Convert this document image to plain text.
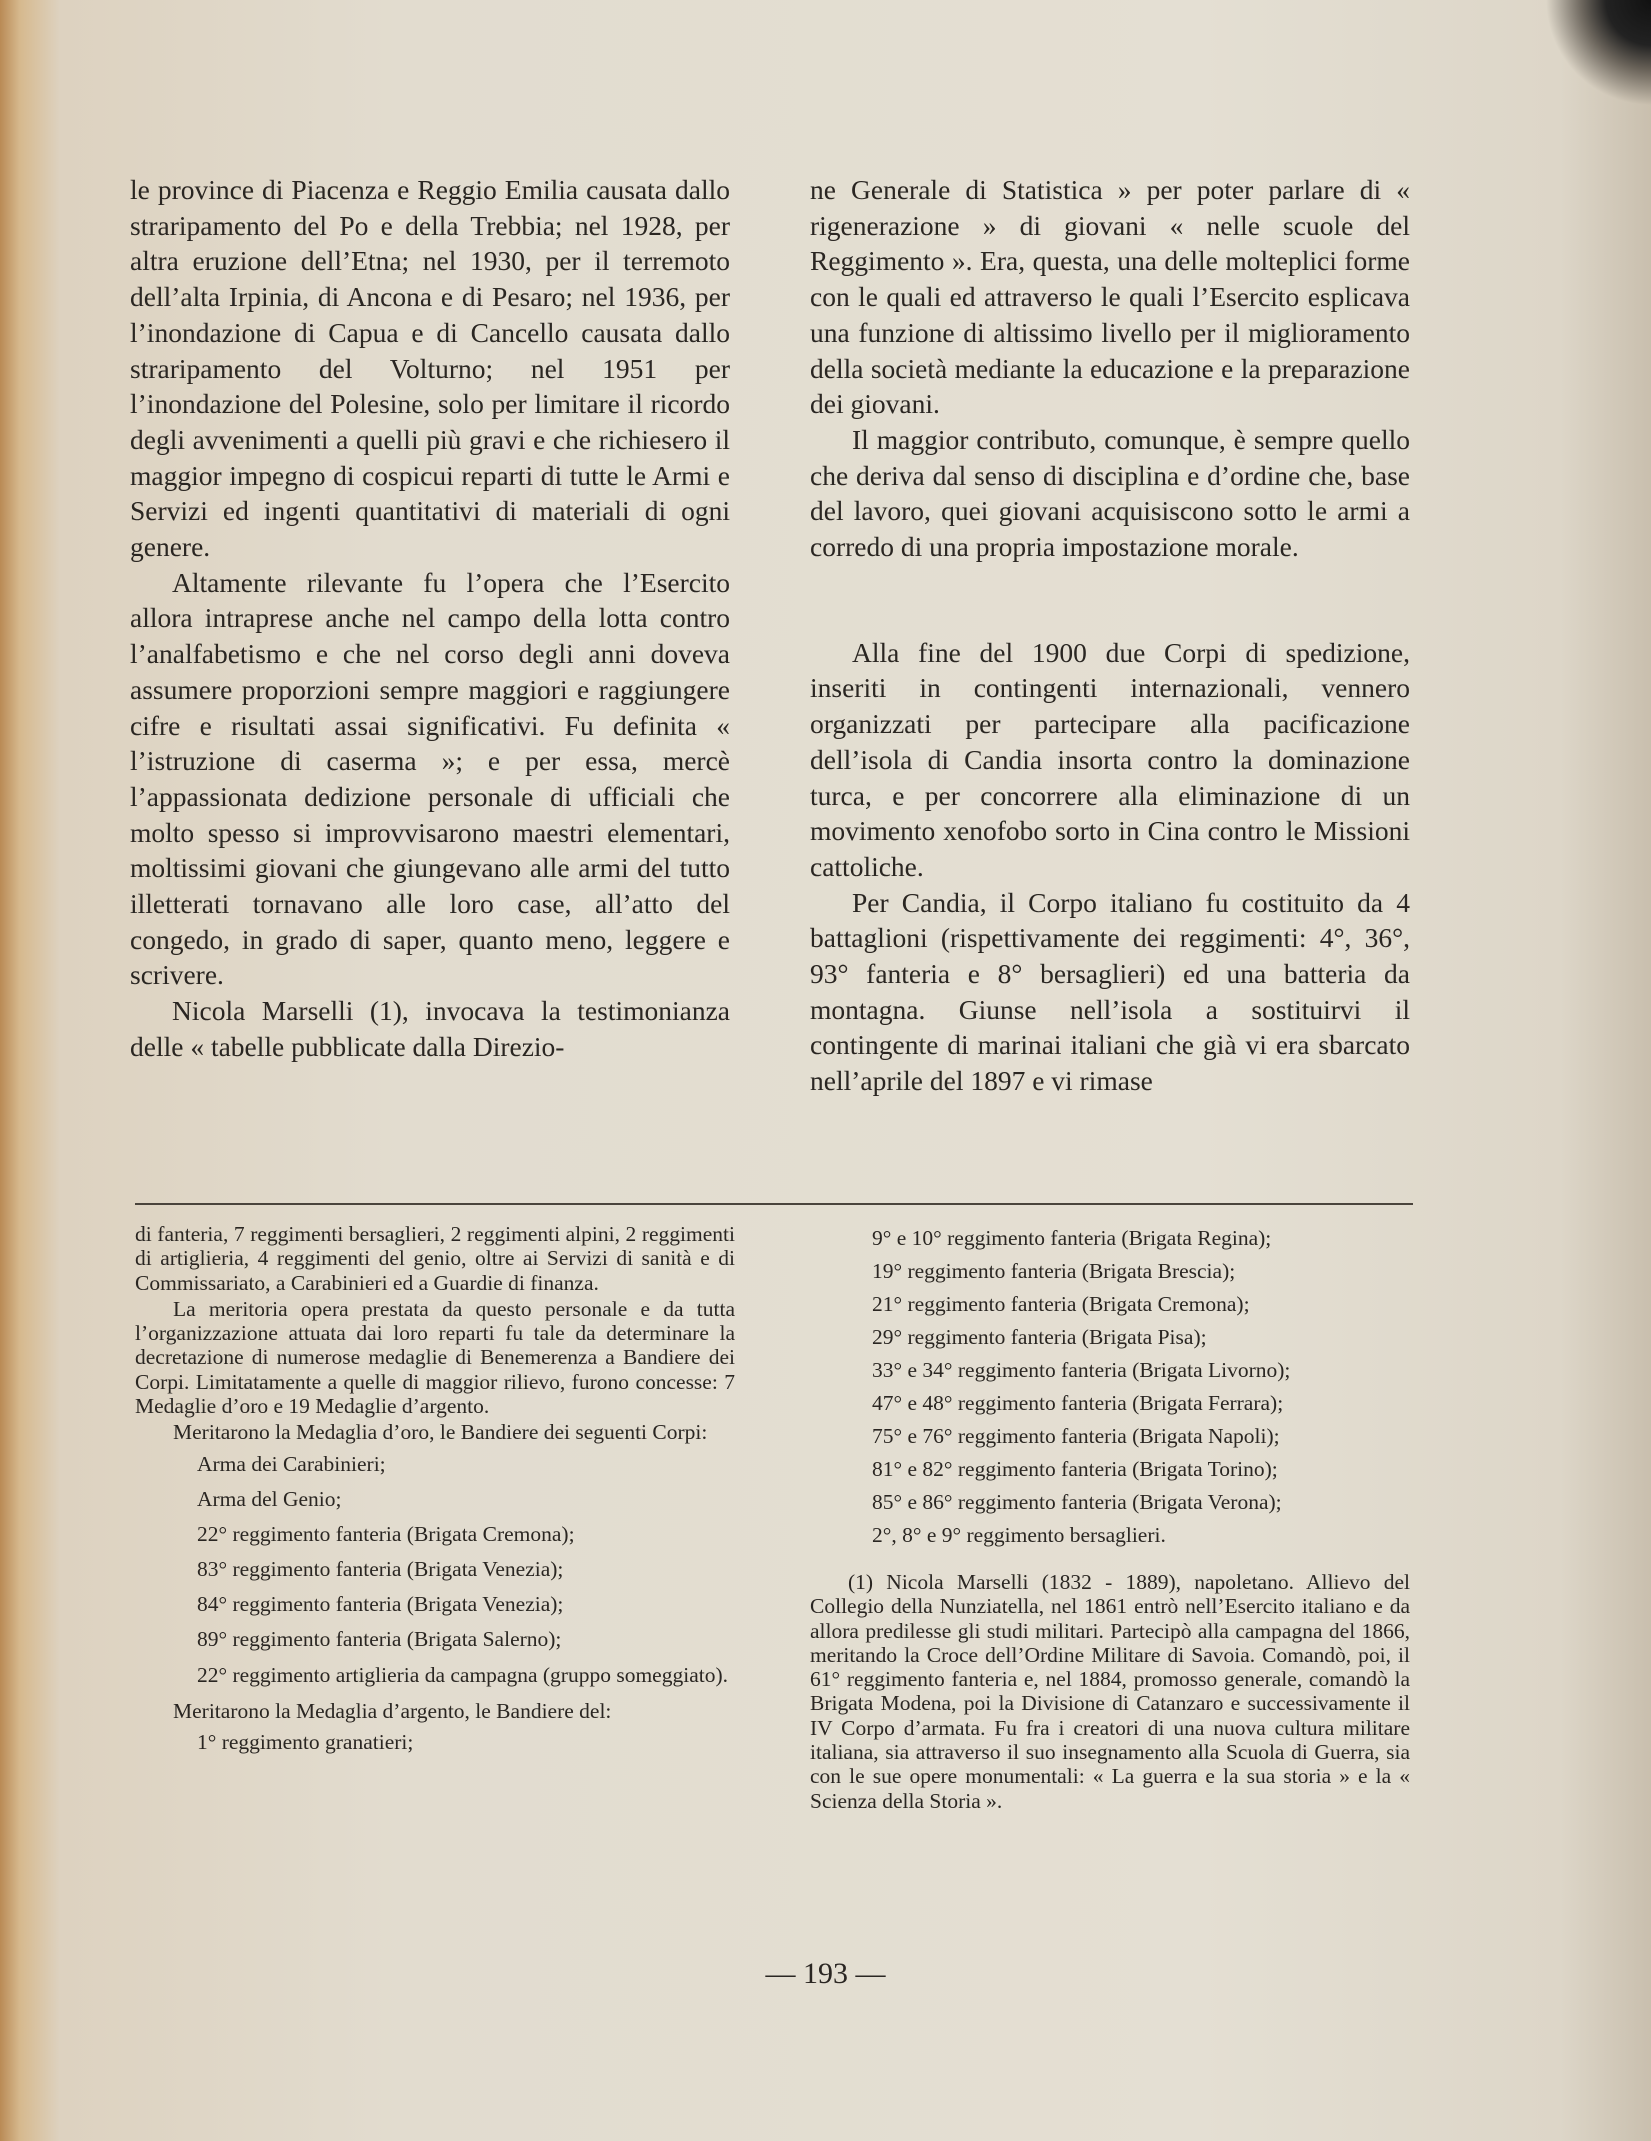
le province di Piacenza e Reggio Emilia causata dallo straripamento del Po e della Trebbia; nel 1928, per altra eruzione dell’Etna; nel 1930, per il terremoto dell’alta Irpinia, di Ancona e di Pesaro; nel 1936, per l’inondazione di Capua e di Cancello causata dallo straripamento del Volturno; nel 1951 per l’inondazione del Polesine, solo per limitare il ricordo degli avvenimenti a quelli più gravi e che richiesero il maggior impegno di cospicui reparti di tutte le Armi e Servizi ed ingenti quantitativi di materiali di ogni genere.

Altamente rilevante fu l’opera che l’Esercito allora intraprese anche nel campo della lotta contro l’analfabetismo e che nel corso degli anni doveva assumere proporzioni sempre maggiori e raggiungere cifre e risultati assai significativi. Fu definita « l’istruzione di caserma »; e per essa, mercè l’appassionata dedizione personale di ufficiali che molto spesso si improvvisarono maestri elementari, moltissimi giovani che giungevano alle armi del tutto illetterati tornavano alle loro case, all’atto del congedo, in grado di saper, quanto meno, leggere e scrivere.

Nicola Marselli (1), invocava la testimonianza delle « tabelle pubblicate dalla Direzio-

ne Generale di Statistica » per poter parlare di « rigenerazione » di giovani « nelle scuole del Reggimento ». Era, questa, una delle molteplici forme con le quali ed attraverso le quali l’Esercito esplicava una funzione di altissimo livello per il miglioramento della società mediante la educazione e la preparazione dei giovani.

Il maggior contributo, comunque, è sempre quello che deriva dal senso di disciplina e d’ordine che, base del lavoro, quei giovani acquisiscono sotto le armi a corredo di una propria impostazione morale.

Alla fine del 1900 due Corpi di spedizione, inseriti in contingenti internazionali, vennero organizzati per partecipare alla pacificazione dell’isola di Candia insorta contro la dominazione turca, e per concorrere alla eliminazione di un movimento xenofobo sorto in Cina contro le Missioni cattoliche.

Per Candia, il Corpo italiano fu costituito da 4 battaglioni (rispettivamente dei reggimenti: 4°, 36°, 93° fanteria e 8° bersaglieri) ed una batteria da montagna. Giunse nell’isola a sostituirvi il contingente di marinai italiani che già vi era sbarcato nell’aprile del 1897 e vi rimase

di fanteria, 7 reggimenti bersaglieri, 2 reggimenti alpini, 2 reggimenti di artiglieria, 4 reggimenti del genio, oltre ai Servizi di sanità e di Commissariato, a Carabinieri ed a Guardie di finanza.

La meritoria opera prestata da questo personale e da tutta l’organizzazione attuata dai loro reparti fu tale da determinare la decretazione di numerose medaglie di Benemerenza a Bandiere dei Corpi. Limitatamente a quelle di maggior rilievo, furono concesse: 7 Medaglie d’oro e 19 Medaglie d’argento.

Meritarono la Medaglia d’oro, le Bandiere dei seguenti Corpi:

Arma dei Carabinieri;
Arma del Genio;
22° reggimento fanteria (Brigata Cremona);
83° reggimento fanteria (Brigata Venezia);
84° reggimento fanteria (Brigata Venezia);
89° reggimento fanteria (Brigata Salerno);
22° reggimento artiglieria da campagna (gruppo someggiato).

Meritarono la Medaglia d’argento, le Bandiere del:

1° reggimento granatieri;
9° e 10° reggimento fanteria (Brigata Regina);
19° reggimento fanteria (Brigata Brescia);
21° reggimento fanteria (Brigata Cremona);
29° reggimento fanteria (Brigata Pisa);
33° e 34° reggimento fanteria (Brigata Livorno);
47° e 48° reggimento fanteria (Brigata Ferrara);
75° e 76° reggimento fanteria (Brigata Napoli);
81° e 82° reggimento fanteria (Brigata Torino);
85° e 86° reggimento fanteria (Brigata Verona);
2°, 8° e 9° reggimento bersaglieri.

(1) Nicola Marselli (1832 - 1889), napoletano. Allievo del Collegio della Nunziatella, nel 1861 entrò nell’Esercito italiano e da allora predilesse gli studi militari. Partecipò alla campagna del 1866, meritando la Croce dell’Ordine Militare di Savoia. Comandò, poi, il 61° reggimento fanteria e, nel 1884, promosso generale, comandò la Brigata Modena, poi la Divisione di Catanzaro e successivamente il IV Corpo d’armata. Fu fra i creatori di una nuova cultura militare italiana, sia attraverso il suo insegnamento alla Scuola di Guerra, sia con le sue opere monumentali: « La guerra e la sua storia » e la « Scienza della Storia ».

— 193 —
